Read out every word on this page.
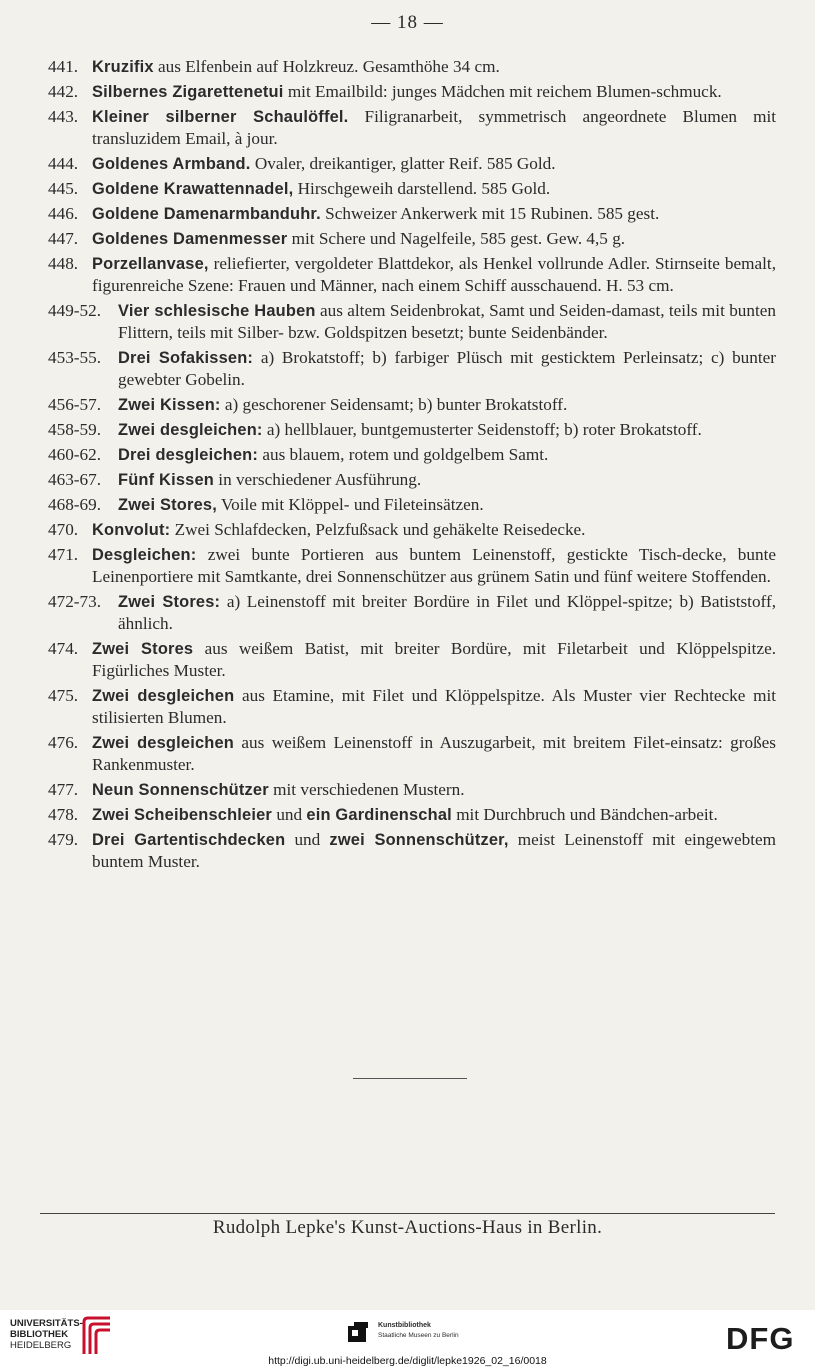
— 18 —
441. Kruzifix aus Elfenbein auf Holzkreuz. Gesamthöhe 34 cm.
442. Silbernes Zigarettenetui mit Emailbild: junges Mädchen mit reichem Blumen-schmuck.
443. Kleiner silberner Schaulöffel. Filigranarbeit, symmetrisch angeordnete Blumen mit transluzidem Email, à jour.
444. Goldenes Armband. Ovaler, dreikantiger, glatter Reif. 585 Gold.
445. Goldene Krawattennadel, Hirschgeweih darstellend. 585 Gold.
446. Goldene Damenarmbanduhr. Schweizer Ankerwerk mit 15 Rubinen. 585 gest.
447. Goldenes Damenmesser mit Schere und Nagelfeile, 585 gest. Gew. 4,5 g.
448. Porzellanvase, reliefierter, vergoldeter Blattdekor, als Henkel vollrunde Adler. Stirnseite bemalt, figurenreiche Szene: Frauen und Männer, nach einem Schiff ausschauend. H. 53 cm.
449-52. Vier schlesische Hauben aus altem Seidenbrokat, Samt und Seiden-damast, teils mit bunten Flittern, teils mit Silber- bzw. Goldspitzen besetzt; bunte Seidenbänder.
453-55. Drei Sofakissen: a) Brokatstoff; b) farbiger Plüsch mit gesticktem Perleinsatz; c) bunter gewebter Gobelin.
456-57. Zwei Kissen: a) geschorener Seidensamt; b) bunter Brokatstoff.
458-59. Zwei desgleichen: a) hellblauer, buntgemusterter Seidenstoff; b) roter Brokatstoff.
460-62. Drei desgleichen: aus blauem, rotem und goldgelbem Samt.
463-67. Fünf Kissen in verschiedener Ausführung.
468-69. Zwei Stores, Voile mit Klöppel- und Fileteinsätzen.
470. Konvolut: Zwei Schlafdecken, Pelzfußsack und gehäkelte Reisedecke.
471. Desgleichen: zwei bunte Portieren aus buntem Leinenstoff, gestickte Tisch-decke, bunte Leinenportiere mit Samtkante, drei Sonnenschützer aus grünem Satin und fünf weitere Stoffenden.
472-73. Zwei Stores: a) Leinenstoff mit breiter Bordüre in Filet und Klöppel-spitze; b) Batiststoff, ähnlich.
474. Zwei Stores aus weißem Batist, mit breiter Bordüre, mit Filetarbeit und Klöppelspitze. Figürliches Muster.
475. Zwei desgleichen aus Etamine, mit Filet und Klöppelspitze. Als Muster vier Rechtecke mit stilisierten Blumen.
476. Zwei desgleichen aus weißem Leinenstoff in Auszugarbeit, mit breitem Filet-einsatz: großes Rankenmuster.
477. Neun Sonnenschützer mit verschiedenen Mustern.
478. Zwei Scheibenschleier und ein Gardinenschal mit Durchbruch und Bändchen-arbeit.
479. Drei Gartentischdecken und zwei Sonnenschützer, meist Leinenstoff mit eingewebtem buntem Muster.
Rudolph Lepke's Kunst-Auctions-Haus in Berlin.
UNIVERSITÄTS-
BIBLIOTHEK
HEIDELBERG
Kunstbibliothek
Staatliche Museen zu Berlin	DFG
http://digi.ub.uni-heidelberg.de/diglit/lepke1926_02_16/0018
